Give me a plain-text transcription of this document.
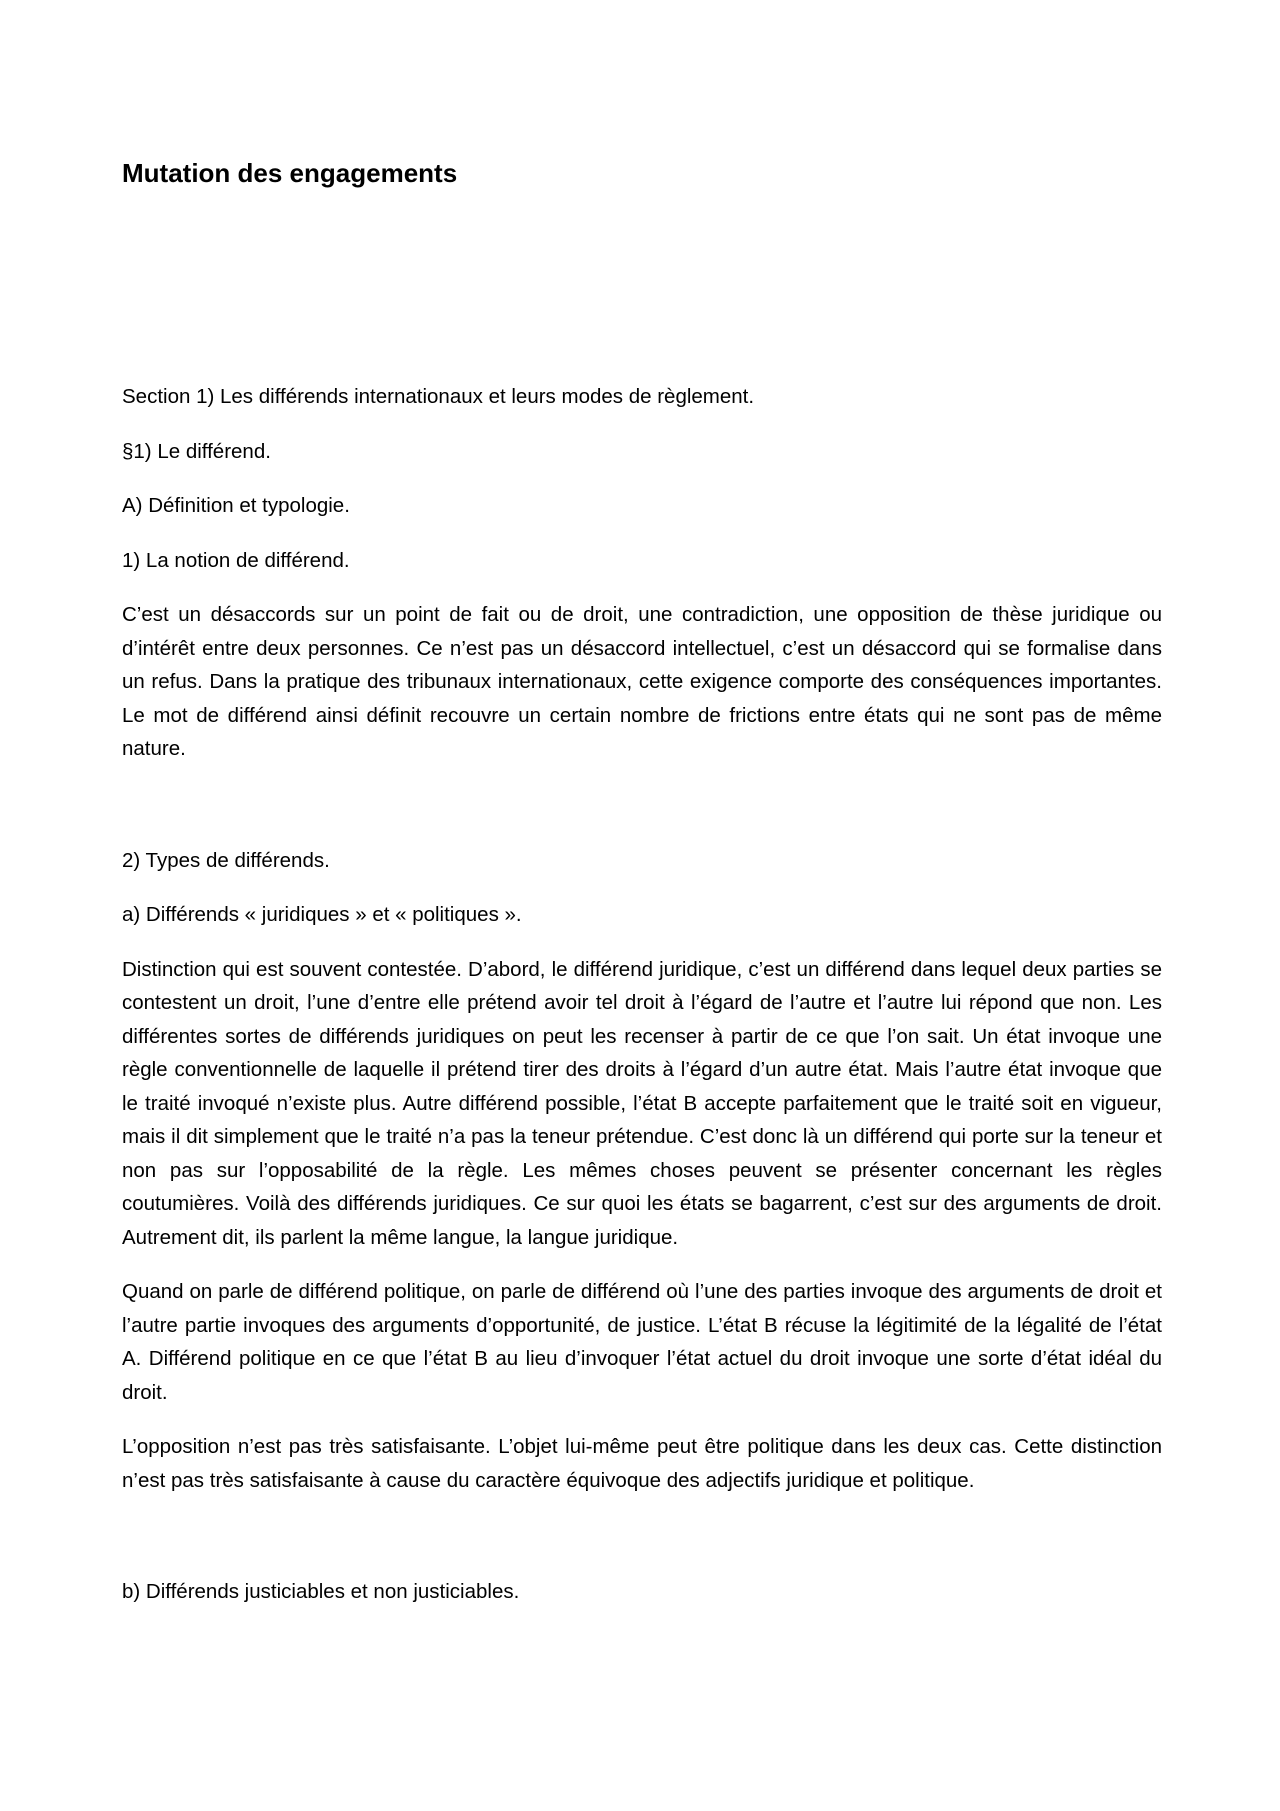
Mutation des engagements

Section 1) Les différends internationaux et leurs modes de règlement.

§1) Le différend.

A) Définition et typologie.

1) La notion de différend.

C’est un désaccords sur un point de fait ou de droit, une contradiction, une opposition de thèse juridique ou d’intérêt entre deux personnes. Ce n’est pas un désaccord intellectuel, c’est un désaccord qui se formalise dans un refus. Dans la pratique des tribunaux internationaux, cette exigence comporte des conséquences importantes. Le mot de différend ainsi définit recouvre un certain nombre de frictions entre états qui ne sont pas de même nature.

2) Types de différends.

a) Différends « juridiques » et « politiques ».

Distinction qui est souvent contestée. D’abord, le différend juridique, c’est un différend dans lequel deux parties se contestent un droit, l’une d’entre elle prétend avoir tel droit à l’égard de l’autre et l’autre lui répond que non. Les différentes sortes de différends juridiques on peut les recenser à partir de ce que l’on sait. Un état invoque une règle conventionnelle de laquelle il prétend tirer des droits à l’égard d’un autre état. Mais l’autre état invoque que le traité invoqué n’existe plus. Autre différend possible, l’état B accepte parfaitement que le traité soit en vigueur, mais il dit simplement que le traité n’a pas la teneur prétendue. C’est donc là un différend qui porte sur la teneur et non pas sur l’opposabilité de la règle. Les mêmes choses peuvent se présenter concernant les règles coutumières. Voilà des différends juridiques. Ce sur quoi les états se bagarrent, c’est sur des arguments de droit. Autrement dit, ils parlent la même langue, la langue juridique.

Quand on parle de différend politique, on parle de différend où l’une des parties invoque des arguments de droit et l’autre partie invoques des arguments d’opportunité, de justice. L’état B récuse la légitimité de la légalité de l’état A. Différend politique en ce que l’état B au lieu d’invoquer l’état actuel du droit invoque une sorte d’état idéal du droit.

L’opposition n’est pas très satisfaisante. L’objet lui-même peut être politique dans les deux cas. Cette distinction n’est pas très satisfaisante à cause du caractère équivoque des adjectifs juridique et politique.

b) Différends justiciables et non justiciables.
